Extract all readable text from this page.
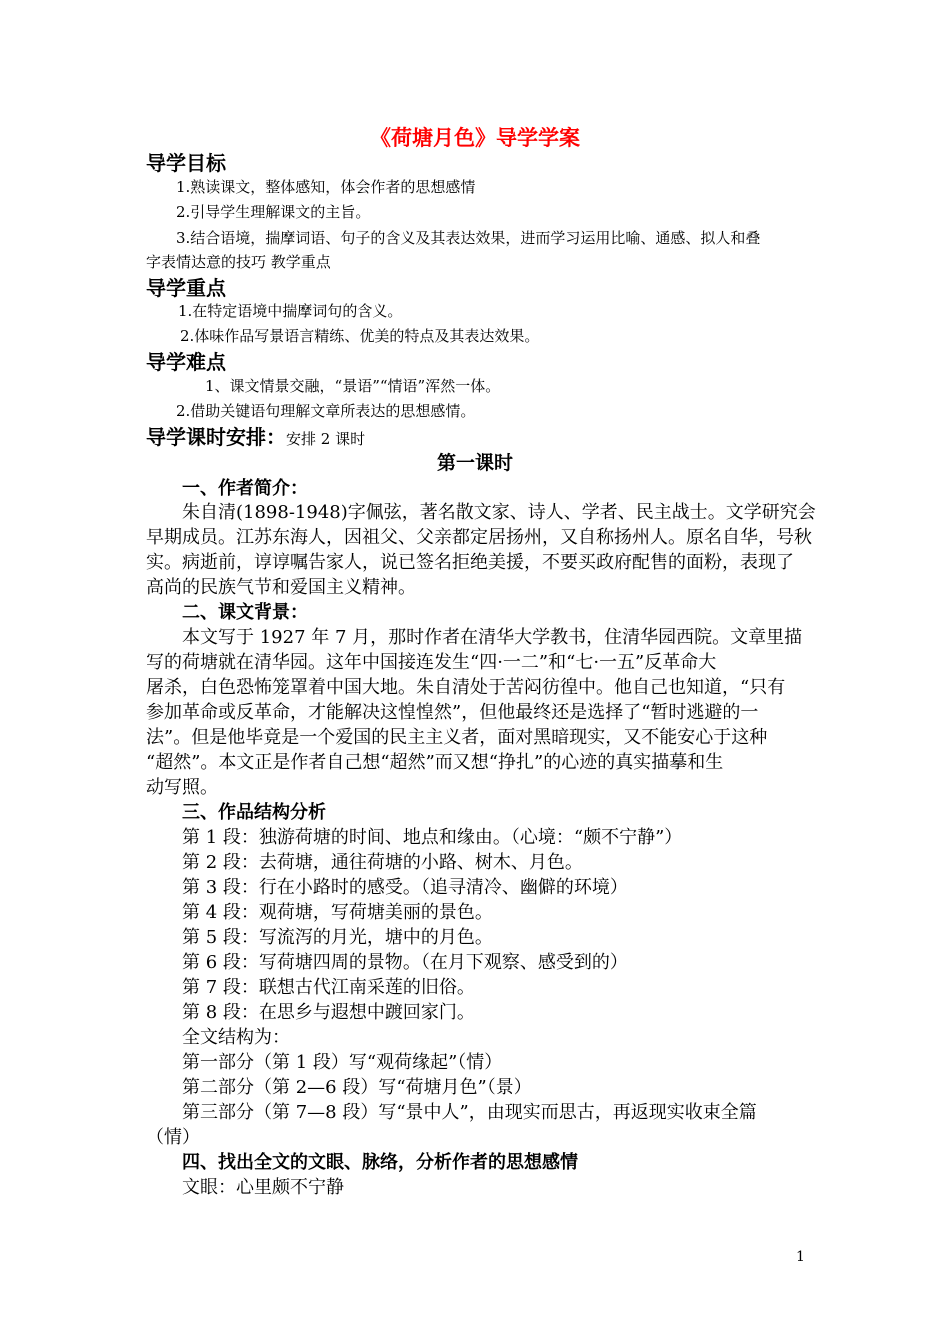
《荷塘月色》导学学案
导学目标
1.熟读课文，整体感知，体会作者的思想感情
2.引导学生理解课文的主旨。
3.结合语境，揣摩词语、句子的含义及其表达效果，进而学习运用比喻、通感、拟人和叠
字表情达意的技巧 教学重点
导学重点
1.在特定语境中揣摩词句的含义。
2.体味作品写景语言精练、优美的特点及其表达效果。
导学难点
1、课文情景交融，“景语”“情语”浑然一体。
2.借助关键语句理解文章所表达的思想感情。
导学课时安排：安排 2 课时
第一课时
一、作者简介：
朱自清(1898-1948)字佩弦，著名散文家、诗人、学者、民主战士。文学研究会
早期成员。江苏东海人，因祖父、父亲都定居扬州，又自称扬州人。原名自华，号秋
实。病逝前，谆谆嘱告家人，说已签名拒绝美援，不要买政府配售的面粉，表现了
高尚的民族气节和爱国主义精神。
二、课文背景：
本文写于 1927 年 7 月，那时作者在清华大学教书，住清华园西院。文章里描
写的荷塘就在清华园。这年中国接连发生“四·一二”和“七·一五”反革命大
屠杀，白色恐怖笼罩着中国大地。朱自清处于苦闷彷徨中。他自己也知道，“只有
参加革命或反革命，才能解决这惶惶然”，但他最终还是选择了“暂时逃避的一
法”。但是他毕竟是一个爱国的民主主义者，面对黑暗现实，又不能安心于这种
“超然”。本文正是作者自己想“超然”而又想“挣扎”的心迹的真实描摹和生
动写照。
三、作品结构分析
第 1 段：独游荷塘的时间、地点和缘由。（心境：“颇不宁静”）
第 2 段：去荷塘，通往荷塘的小路、树木、月色。
第 3 段：行在小路时的感受。（追寻清冷、幽僻的环境）
第 4 段：观荷塘，写荷塘美丽的景色。
第 5 段：写流泻的月光，塘中的月色。
第 6 段：写荷塘四周的景物。（在月下观察、感受到的）
第 7 段：联想古代江南采莲的旧俗。
第 8 段：在思乡与遐想中踱回家门。
全文结构为：
第一部分（第 1 段）写“观荷缘起”（情）
第二部分（第 2—6 段）写“荷塘月色”（景）
第三部分（第 7—8 段）写“景中人”，由现实而思古，再返现实收束全篇
（情）
四、找出全文的文眼、脉络，分析作者的思想感情
文眼：心里颇不宁静
1
